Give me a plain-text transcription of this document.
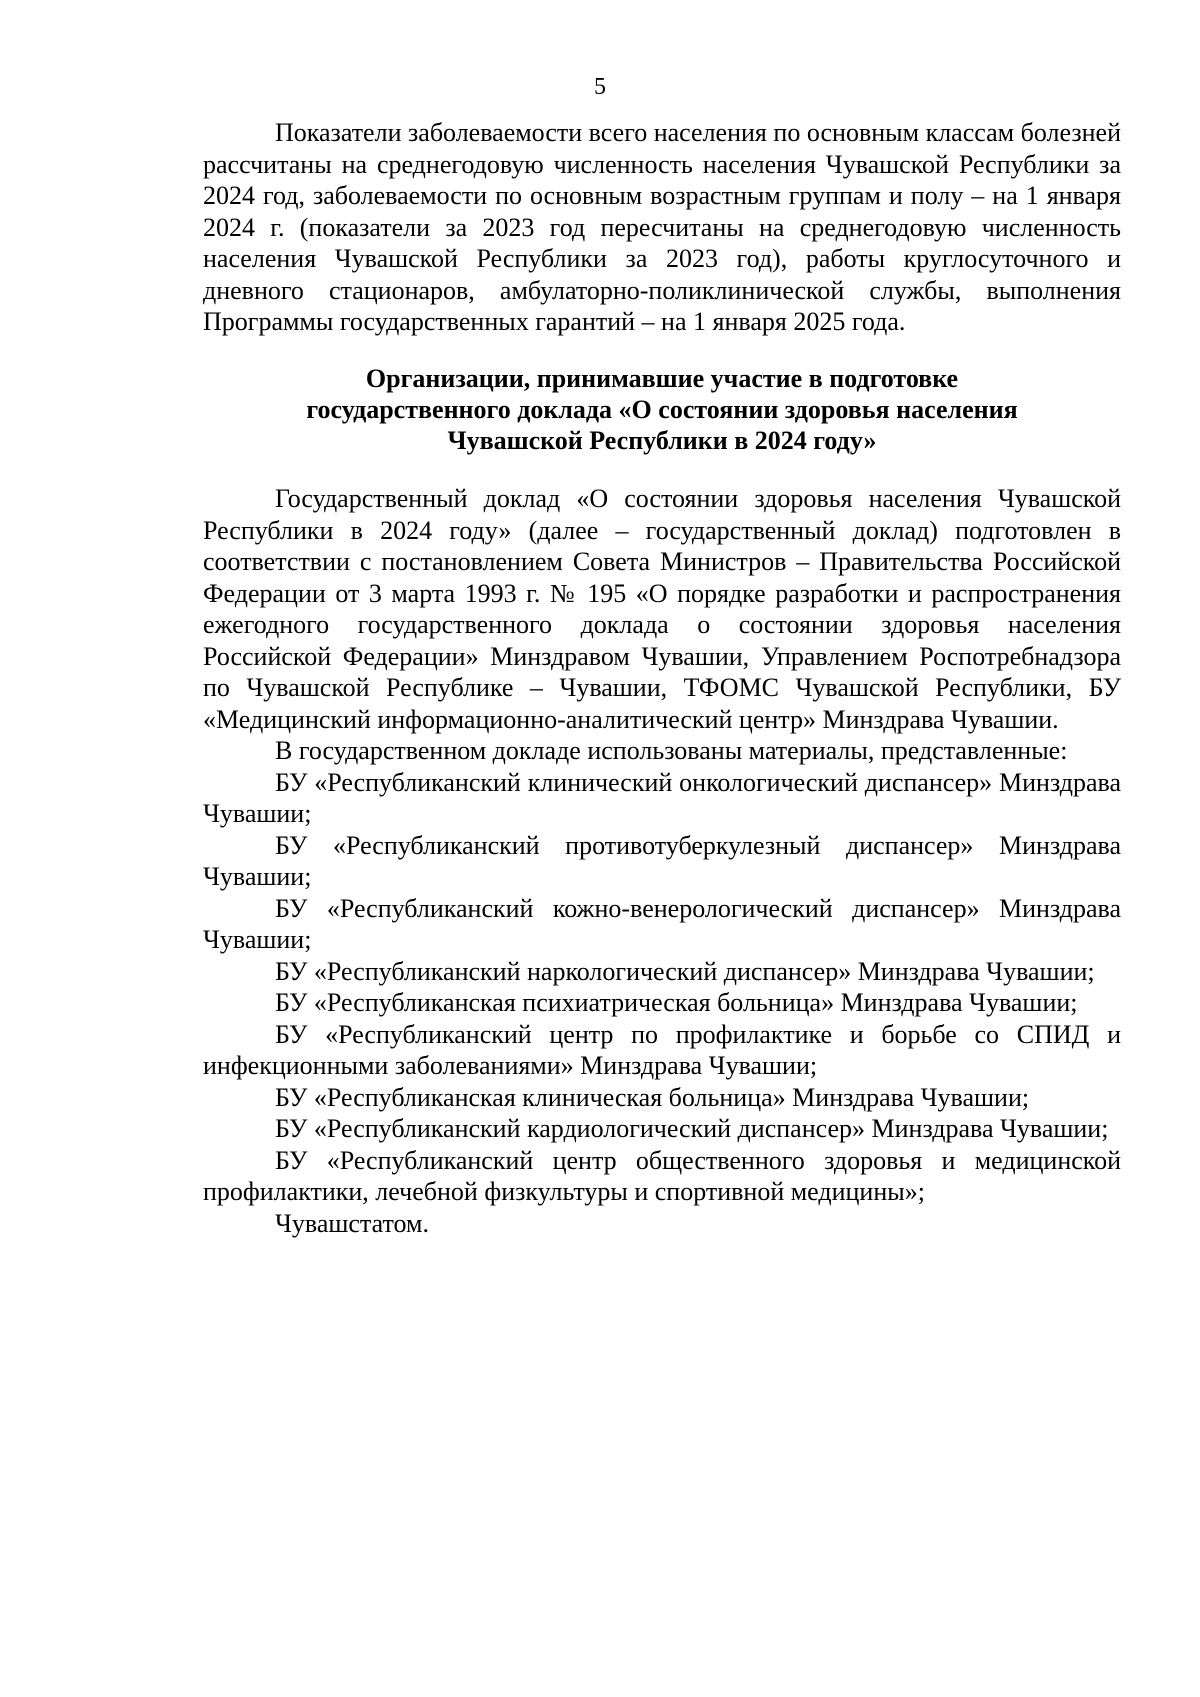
5

Показатели заболеваемости всего населения по основным классам болезней рассчитаны на среднегодовую численность населения Чувашской Республики за 2024 год, заболеваемости по основным возрастным группам и полу – на 1 января 2024 г. (показатели за 2023 год пересчитаны на среднегодовую численность населения Чувашской Республики за 2023 год), работы круглосуточного и дневного стационаров, амбулаторно-поликлинической службы, выполнения Программы государственных гарантий – на 1 января 2025 года.

Организации, принимавшие участие в подготовке
государственного доклада «О состоянии здоровья населения
Чувашской Республики в 2024 году»

Государственный доклад «О состоянии здоровья населения Чувашской Республики в 2024 году» (далее – государственный доклад) подготовлен в соответствии с постановлением Совета Министров – Правительства Российской Федерации от 3 марта 1993 г. № 195 «О порядке разработки и распространения ежегодного государственного доклада о состоянии здоровья населения Российской Федерации» Минздравом Чувашии, Управлением Роспотребнадзора по Чувашской Республике – Чувашии, ТФОМС Чувашской Республики, БУ «Медицинский информационно-аналитический центр» Минздрава Чувашии.

В государственном докладе использованы материалы, представленные:

БУ «Республиканский клинический онкологический диспансер» Минздрава Чувашии;

БУ «Республиканский противотуберкулезный диспансер» Минздрава Чувашии;

БУ «Республиканский кожно-венерологический диспансер» Минздрава Чувашии;

БУ «Республиканский наркологический диспансер» Минздрава Чувашии;

БУ «Республиканская психиатрическая больница» Минздрава Чувашии;

БУ «Республиканский центр по профилактике и борьбе со СПИД и инфекционными заболеваниями» Минздрава Чувашии;

БУ «Республиканская клиническая больница» Минздрава Чувашии;

БУ «Республиканский кардиологический диспансер» Минздрава Чувашии;

БУ «Республиканский центр общественного здоровья и медицинской профилактики, лечебной физкультуры и спортивной медицины»;

Чувашстатом.
